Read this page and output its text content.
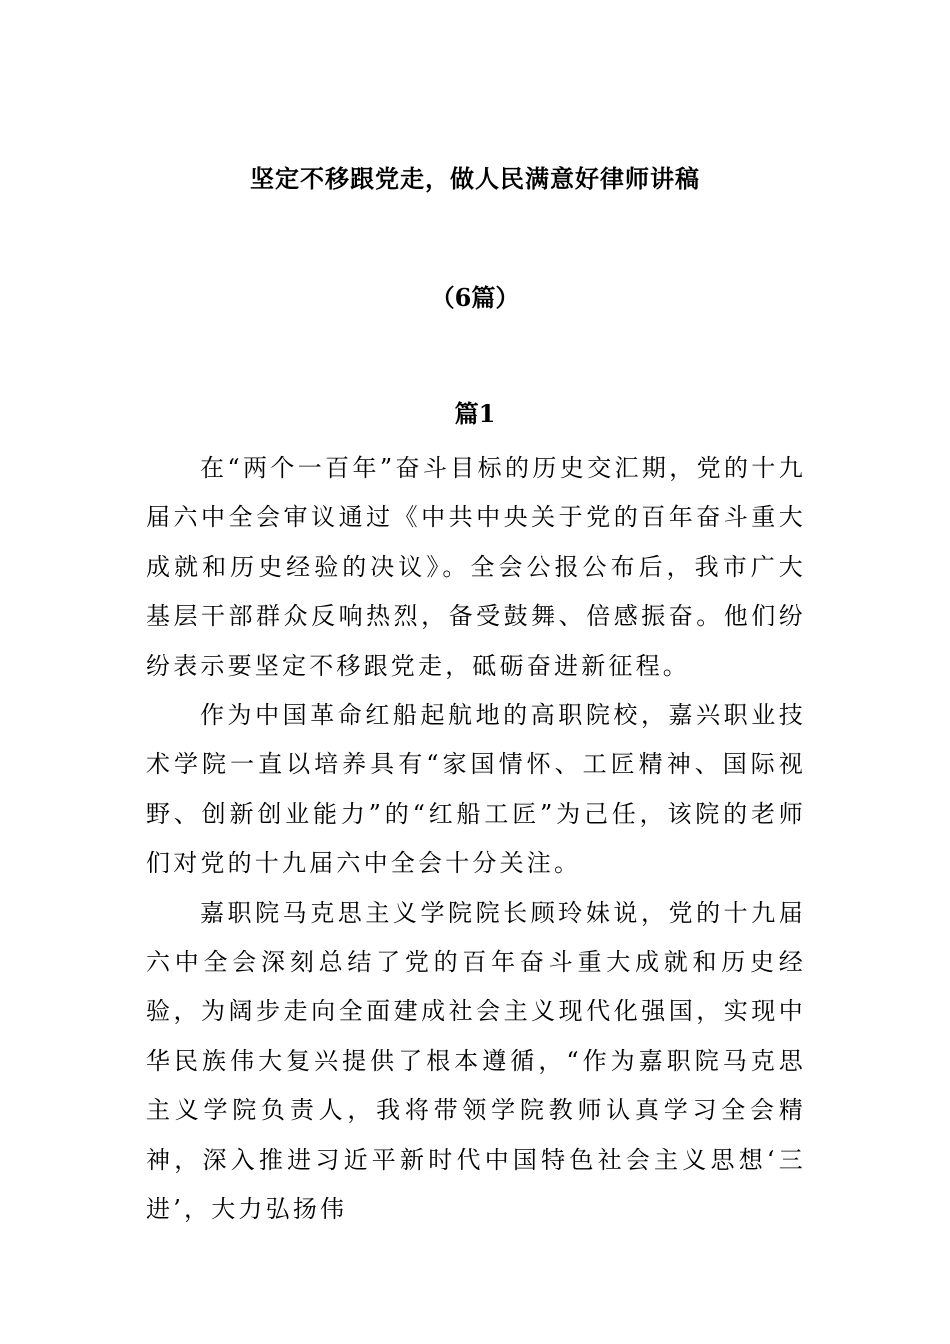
坚定不移跟党走，做人民满意好律师讲稿
（6篇）
篇1

在“两个一百年”奋斗目标的历史交汇期，党的十九届六中全会审议通过《中共中央关于党的百年奋斗重大成就和历史经验的决议》。全会公报公布后，我市广大基层干部群众反响热烈，备受鼓舞、倍感振奋。他们纷纷表示要坚定不移跟党走，砥砺奋进新征程。

作为中国革命红船起航地的高职院校，嘉兴职业技术学院一直以培养具有“家国情怀、工匠精神、国际视野、创新创业能力”的“红船工匠”为己任，该院的老师们对党的十九届六中全会十分关注。

嘉职院马克思主义学院院长顾玲妹说，党的十九届六中全会深刻总结了党的百年奋斗重大成就和历史经验，为阔步走向全面建成社会主义现代化强国，实现中华民族伟大复兴提供了根本遵循，“作为嘉职院马克思主义学院负责人，我将带领学院教师认真学习全会精神，深入推进习近平新时代中国特色社会主义思想‘三进’，大力弘扬伟
